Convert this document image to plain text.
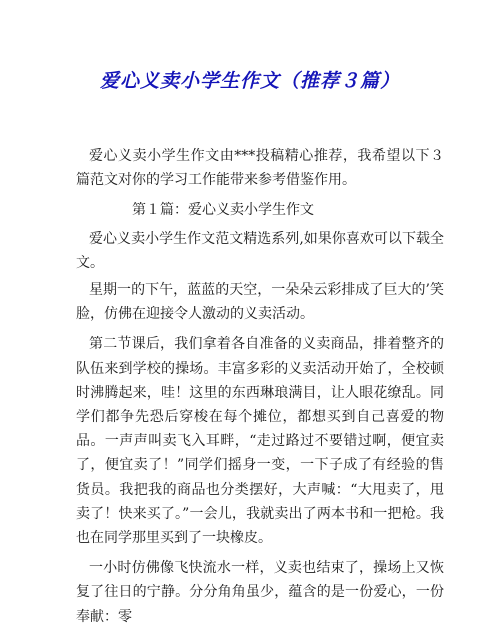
爱心义卖小学生作文（推荐３篇）

爱心义卖小学生作文由***投稿精心推荐，我希望以下３篇范文对你的学习工作能带来参考借鉴作用。

第１篇：爱心义卖小学生作文

爱心义卖小学生作文范文精选系列,如果你喜欢可以下载全文。

星期一的下午，蓝蓝的天空，一朵朵云彩排成了巨大的’笑脸，仿佛在迎接令人激动的义卖活动。

第二节课后，我们拿着各自准备的义卖商品，排着整齐的队伍来到学校的操场。丰富多彩的义卖活动开始了，全校顿时沸腾起来，哇！这里的东西琳琅满目，让人眼花缭乱。同学们都争先恐后穿梭在每个摊位，都想买到自己喜爱的物品。一声声叫卖飞入耳畔，“走过路过不要错过啊，便宜卖了，便宜卖了！”同学们摇身一变，一下子成了有经验的售货员。我把我的商品也分类摆好，大声喊：“大甩卖了，甩卖了！快来买了。”一会儿，我就卖出了两本书和一把枪。我也在同学那里买到了一块橡皮。

一小时仿佛像飞快流水一样，义卖也结束了，操场上又恢复了往日的宁静。分分角角虽少，蕴含的是一份爱心，一份奉献：零
